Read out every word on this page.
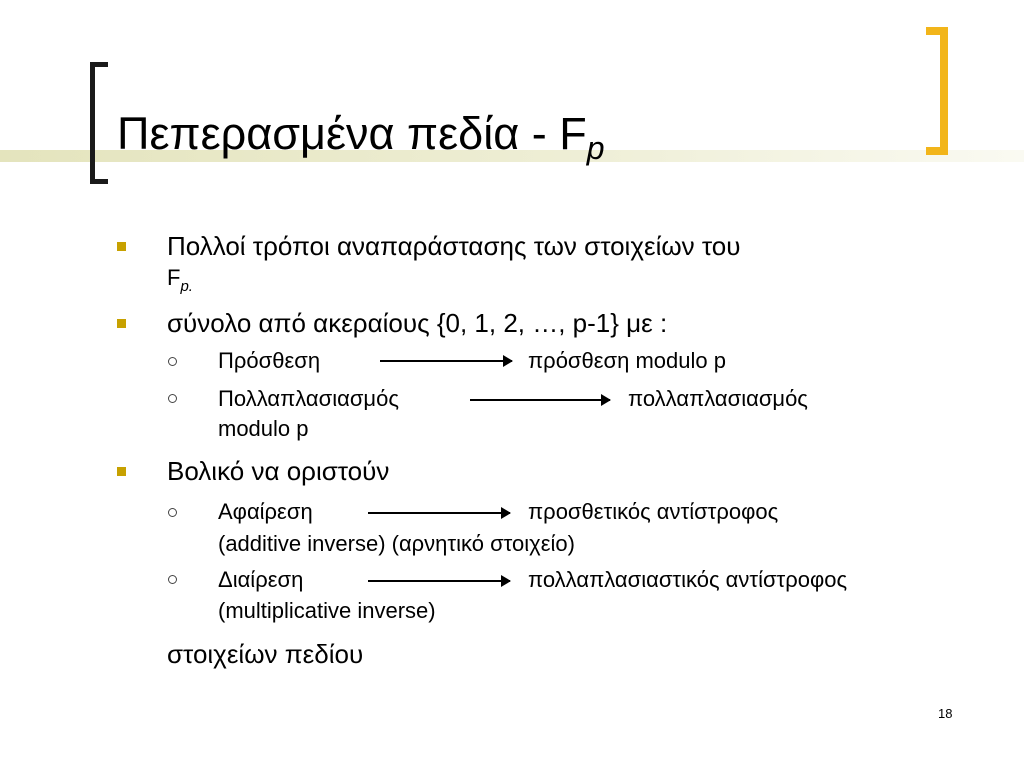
Πεπερασμένα πεδία - $F_p$
Πολλοί τρόποι αναπαράστασης των στοιχείων του
$F_{p.}$
σύνολο από ακεραίους {0, 1, 2, …, p-1} με :
Πρόσθεση	πρόσθεση modulo p
Πολλαπλασιασμός	πολλαπλασιασμός
modulo p
Βολικό να οριστούν
Αφαίρεση	προσθετικός αντίστροφος
(additive inverse) (αρνητικό στοιχείο)
Διαίρεση	πολλαπλασιαστικός αντίστροφος
(multiplicative inverse)
στοιχείων πεδίου
18
